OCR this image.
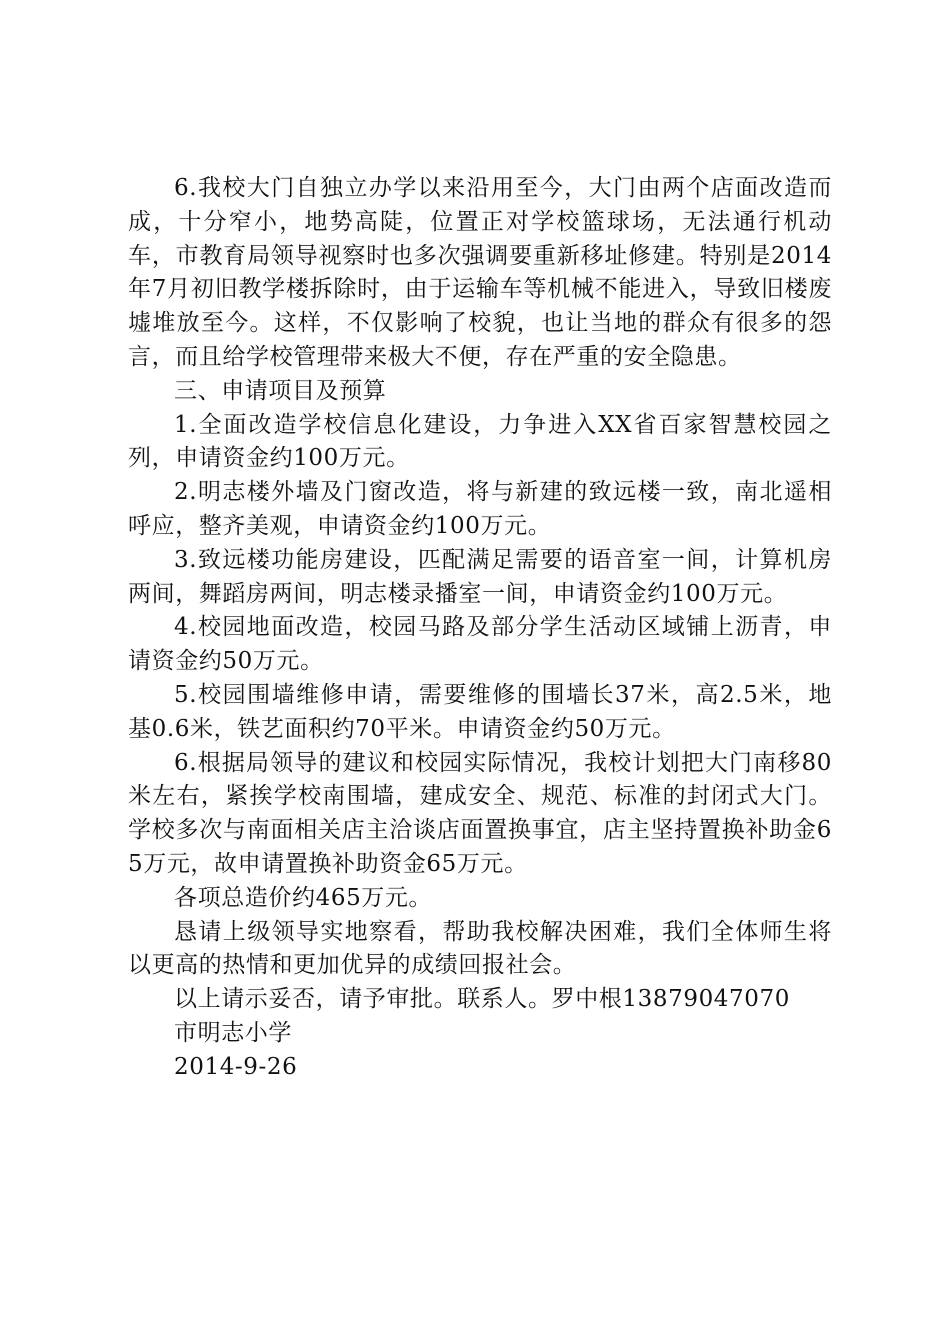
6.我校大门自独立办学以来沿用至今，大门由两个店面改造而成，十分窄小，地势高陡，位置正对学校篮球场，无法通行机动车，市教育局领导视察时也多次强调要重新移址修建。特别是2014年7月初旧教学楼拆除时，由于运输车等机械不能进入，导致旧楼废墟堆放至今。这样，不仅影响了校貌，也让当地的群众有很多的怨言，而且给学校管理带来极大不便，存在严重的安全隐患。

三、申请项目及预算

1.全面改造学校信息化建设，力争进入XX省百家智慧校园之列，申请资金约100万元。

2.明志楼外墙及门窗改造，将与新建的致远楼一致，南北遥相呼应，整齐美观，申请资金约100万元。

3.致远楼功能房建设，匹配满足需要的语音室一间，计算机房两间，舞蹈房两间，明志楼录播室一间，申请资金约100万元。

4.校园地面改造，校园马路及部分学生活动区域铺上沥青，申请资金约50万元。

5.校园围墙维修申请，需要维修的围墙长37米，高2.5米，地基0.6米，铁艺面积约70平米。申请资金约50万元。

6.根据局领导的建议和校园实际情况，我校计划把大门南移80米左右，紧挨学校南围墙，建成安全、规范、标准的封闭式大门。学校多次与南面相关店主洽谈店面置换事宜，店主坚持置换补助金65万元，故申请置换补助资金65万元。

各项总造价约465万元。

恳请上级领导实地察看，帮助我校解决困难，我们全体师生将以更高的热情和更加优异的成绩回报社会。

以上请示妥否，请予审批。联系人。罗中根13879047070

市明志小学

2014-9-26
